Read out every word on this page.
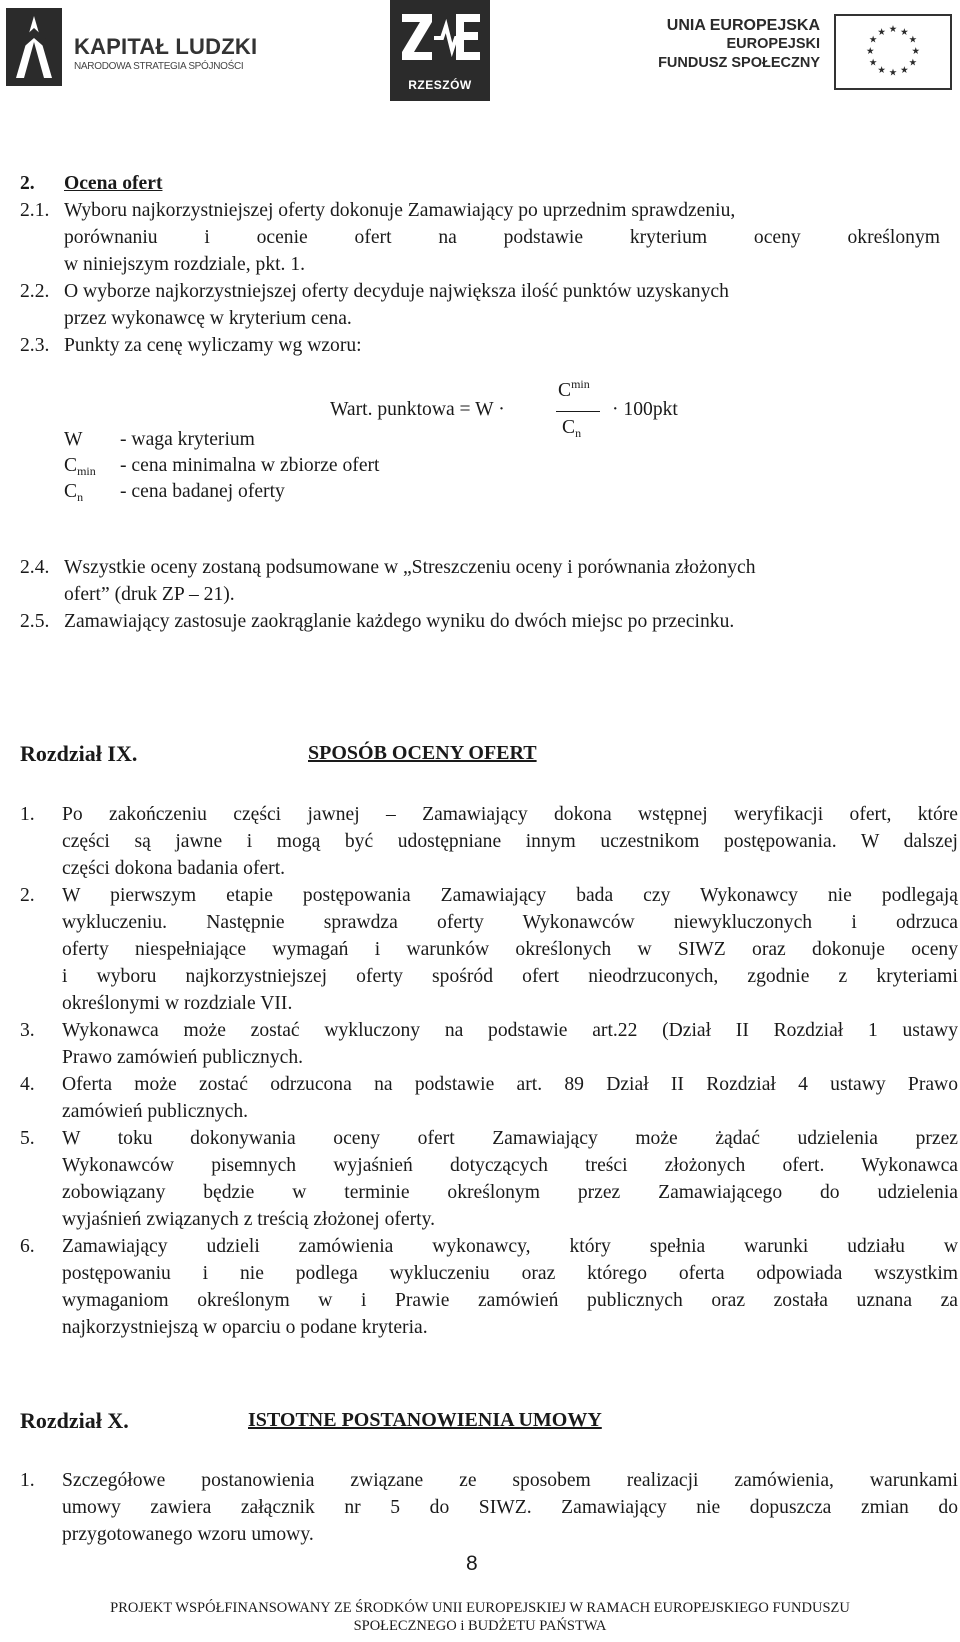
KAPITAŁ LUDZKI
NARODOWA STRATEGIA SPÓJNOŚCI
RZESZÓW
UNIA EUROPEJSKA
EUROPEJSKI
FUNDUSZ SPOŁECZNY
★ ★
★
★
★
★
★
★
★
★
★
★
2. Ocena ofert
2.1. Wyboru najkorzystniejszej oferty dokonuje Zamawiający po uprzednim sprawdzeniu,
porównaniu i ocenie ofert na podstawie kryterium oceny określonym
w niniejszym rozdziale, pkt. 1.
2.2. O wyborze najkorzystniejszej oferty decyduje największa ilość punktów uzyskanych
przez wykonawcę w kryterium cena.
2.3. Punkty za cenę wyliczamy wg wzoru:
Wart. punktowa = W ·
$C^{min}$
$C_n$
· 100pkt
W - waga kryterium
$C_{min}$ - cena minimalna w zbiorze ofert
$C_n$ - cena badanej oferty
2.4. Wszystkie oceny zostaną podsumowane w „Streszczeniu oceny i porównania złożonych
ofert” (druk ZP – 21).
2.5. Zamawiający zastosuje zaokrąglanie każdego wyniku do dwóch miejsc po przecinku.
Rozdział IX.	SPOSÓB OCENY OFERT
1. Po zakończeniu części jawnej – Zamawiający dokona wstępnej weryfikacji ofert, które
części są jawne i mogą być udostępniane innym uczestnikom postępowania. W dalszej
części dokona badania ofert.
2. W pierwszym etapie postępowania Zamawiający bada czy Wykonawcy nie podlegają
wykluczeniu. Następnie sprawdza oferty Wykonawców niewykluczonych i odrzuca
oferty niespełniające wymagań i warunków określonych w SIWZ oraz dokonuje oceny
i wyboru najkorzystniejszej oferty spośród ofert nieodrzuconych, zgodnie z kryteriami
określonymi w rozdziale VII.
3. Wykonawca może zostać wykluczony na podstawie art.22 (Dział II Rozdział 1 ustawy
Prawo zamówień publicznych.
4. Oferta może zostać odrzucona na podstawie art. 89 Dział II Rozdział 4 ustawy Prawo
zamówień publicznych.
5. W toku dokonywania oceny ofert Zamawiający może żądać udzielenia przez
Wykonawców pisemnych wyjaśnień dotyczących treści złożonych ofert. Wykonawca
zobowiązany będzie w terminie określonym przez Zamawiającego do udzielenia
wyjaśnień związanych z treścią złożonej oferty.
6. Zamawiający udzieli zamówienia wykonawcy, który spełnia warunki udziału w
postępowaniu i nie podlega wykluczeniu oraz którego oferta odpowiada wszystkim
wymaganiom określonym w i Prawie zamówień publicznych oraz została uznana za
najkorzystniejszą w oparciu o podane kryteria.
Rozdział X.	ISTOTNE POSTANOWIENIA UMOWY
1. Szczegółowe postanowienia związane ze sposobem realizacji zamówienia, warunkami
umowy zawiera załącznik nr 5 do SIWZ. Zamawiający nie dopuszcza zmian do
przygotowanego wzoru umowy.
8
PROJEKT WSPÓŁFINANSOWANY ZE ŚRODKÓW UNII EUROPEJSKIEJ W RAMACH EUROPEJSKIEGO FUNDUSZU
SPOŁECZNEGO i BUDŻETU PAŃSTWA
